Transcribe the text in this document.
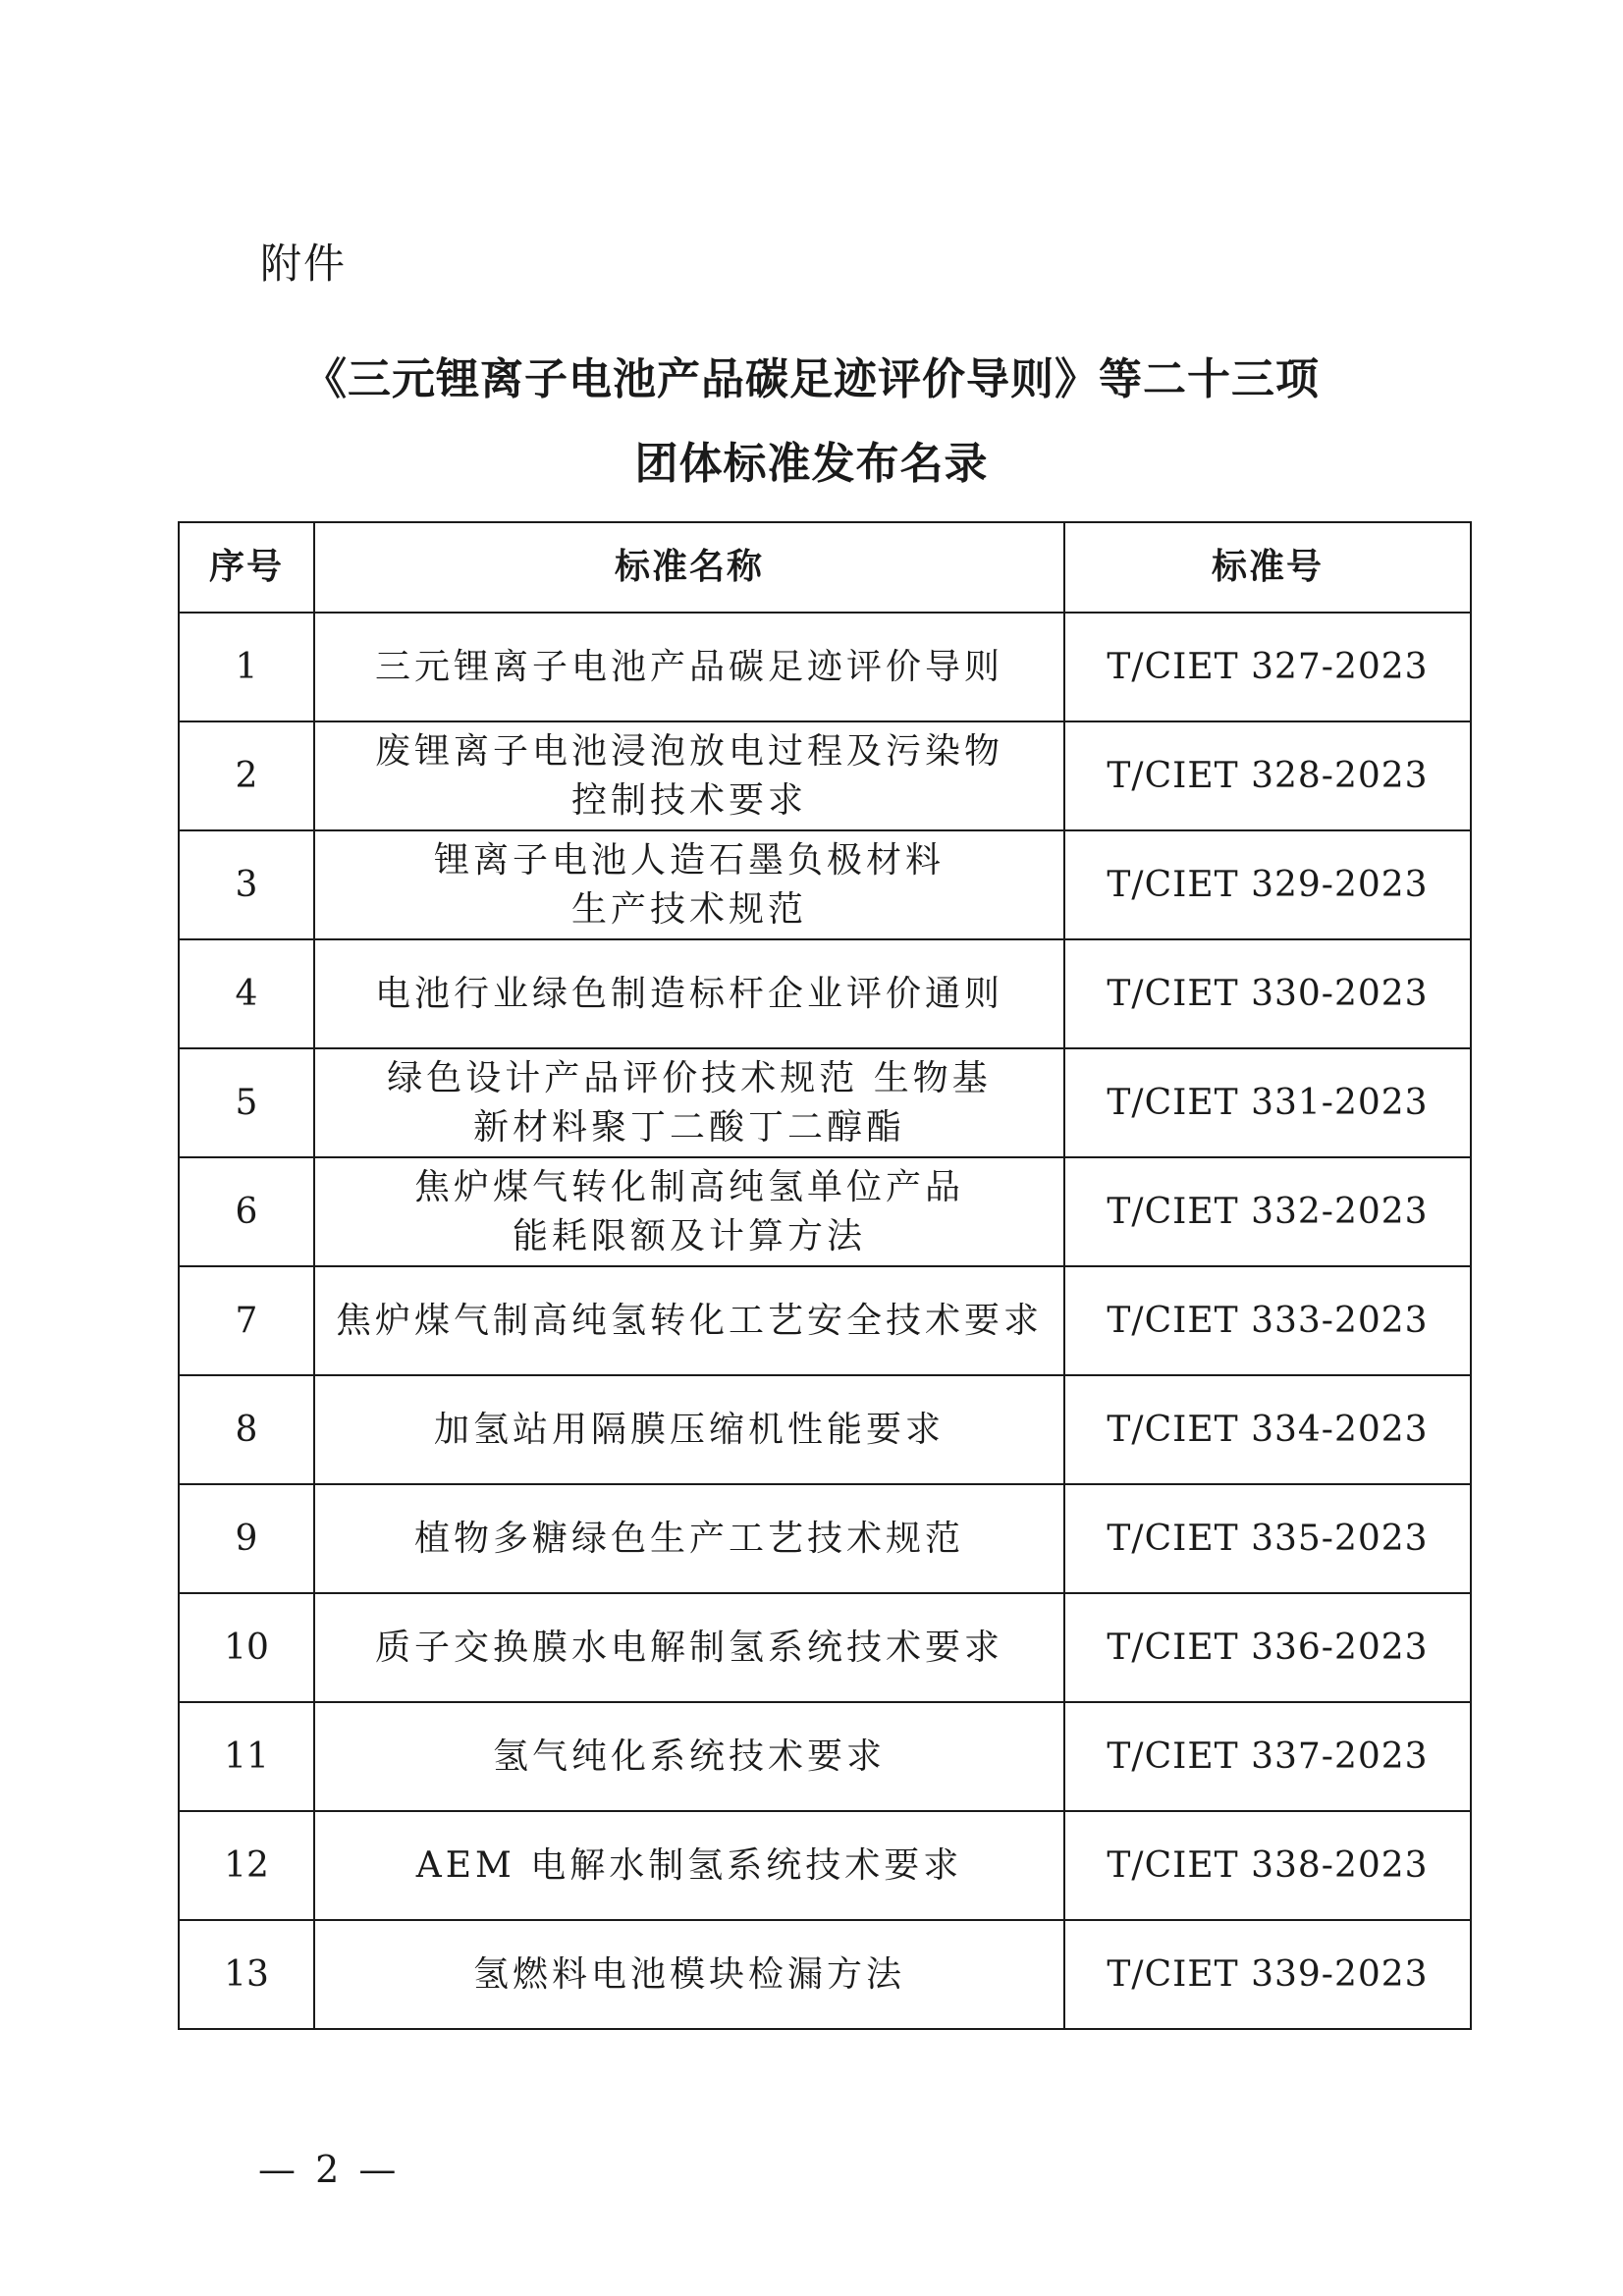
附件
《三元锂离子电池产品碳足迹评价导则》等二十三项
团体标准发布名录
序号	标准名称	标准号
1	三元锂离子电池产品碳足迹评价导则	T/CIET 327-2023
2	废锂离子电池浸泡放电过程及污染物
控制技术要求	T/CIET 328-2023
3	锂离子电池人造石墨负极材料
生产技术规范	T/CIET 329-2023
4	电池行业绿色制造标杆企业评价通则	T/CIET 330-2023
5	绿色设计产品评价技术规范 生物基
新材料聚丁二酸丁二醇酯	T/CIET 331-2023
6	焦炉煤气转化制高纯氢单位产品
能耗限额及计算方法	T/CIET 332-2023
7	焦炉煤气制高纯氢转化工艺安全技术要求	T/CIET 333-2023
8	加氢站用隔膜压缩机性能要求	T/CIET 334-2023
9	植物多糖绿色生产工艺技术规范	T/CIET 335-2023
10	质子交换膜水电解制氢系统技术要求	T/CIET 336-2023
11	氢气纯化系统技术要求	T/CIET 337-2023
12	AEM 电解水制氢系统技术要求	T/CIET 338-2023
13	氢燃料电池模块检漏方法	T/CIET 339-2023
— 2 —
